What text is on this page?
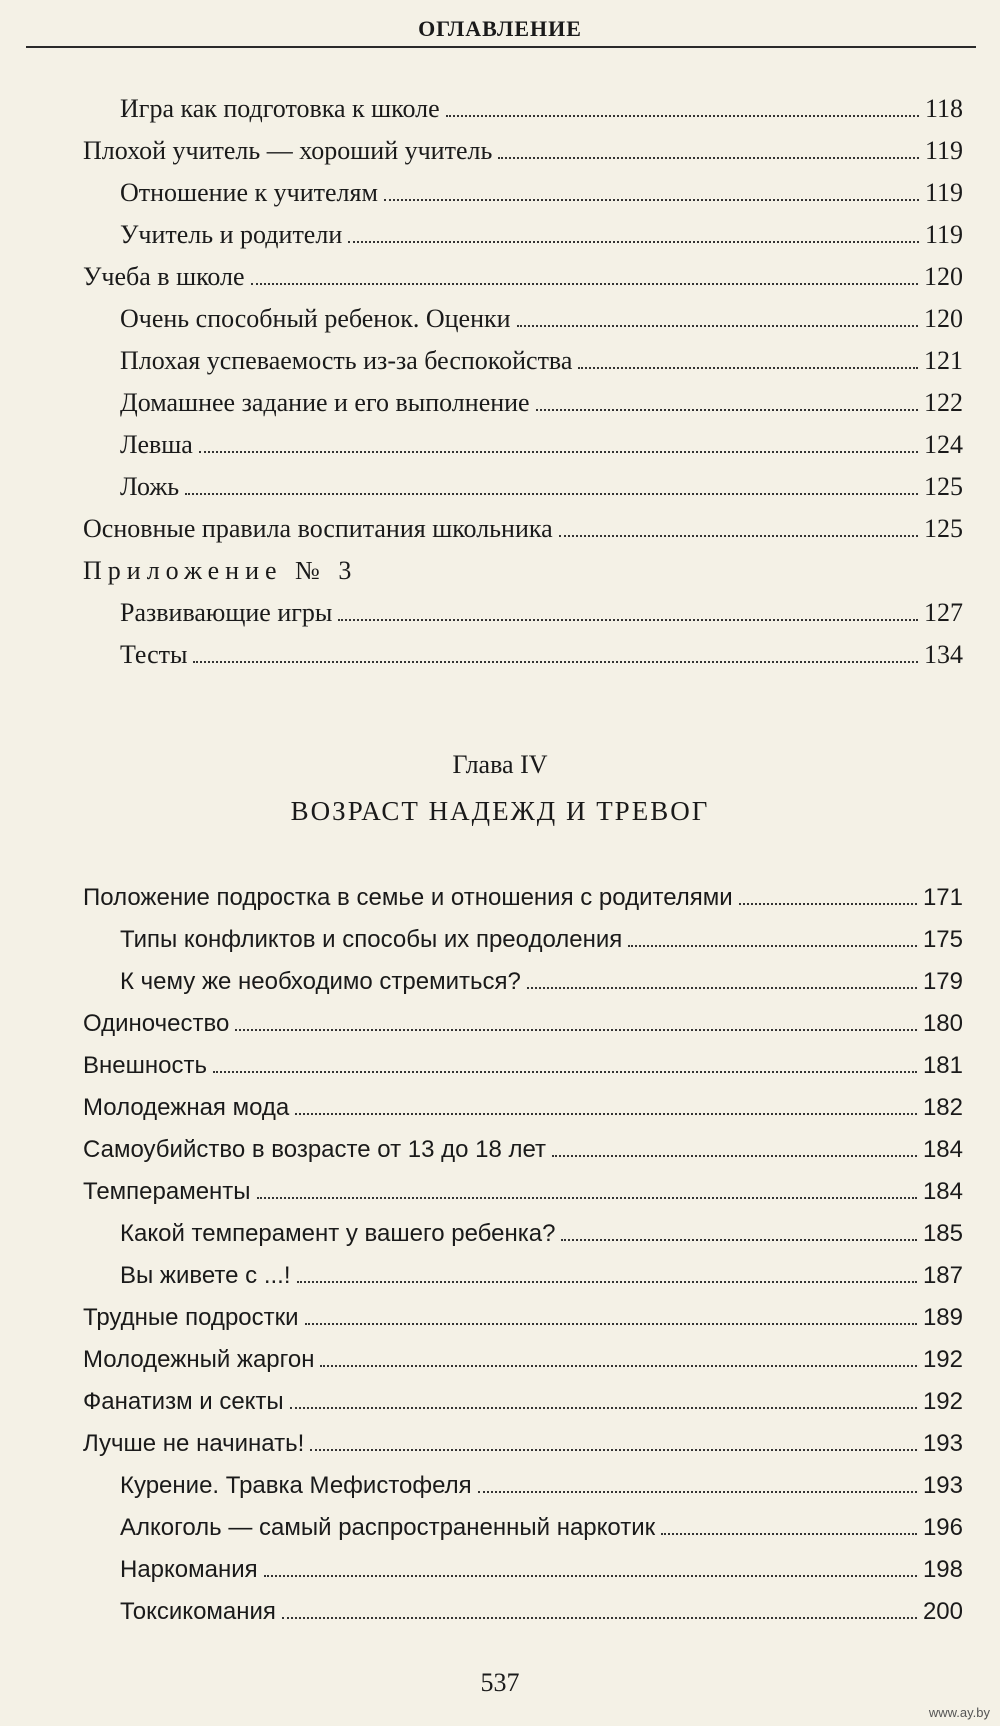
ОГЛАВЛЕНИЕ
Игра как подготовка к школе	118
Плохой учитель — хороший учитель	119
Отношение к учителям	119
Учитель и родители	119
Учеба в школе	120
Очень способный ребенок. Оценки	120
Плохая успеваемость из-за беспокойства	121
Домашнее задание и его выполнение	122
Левша	124
Ложь	125
Основные правила воспитания школьника	125
Приложение № 3
Развивающие игры	127
Тесты	134
Глава IV
ВОЗРАСТ НАДЕЖД И ТРЕВОГ
Положение подростка в семье и отношения с родителями	171
Типы конфликтов и способы их преодоления	175
К чему же необходимо стремиться?	179
Одиночество	180
Внешность	181
Молодежная мода	182
Самоубийство в возрасте от 13 до 18 лет	184
Темпераменты	184
Какой темперамент у вашего ребенка?	185
Вы живете с ...!	187
Трудные подростки	189
Молодежный жаргон	192
Фанатизм и секты	192
Лучше не начинать!	193
Курение. Травка Мефистофеля	193
Алкоголь — самый распространенный наркотик	196
Наркомания	198
Токсикомания	200
537
www.ay.by
